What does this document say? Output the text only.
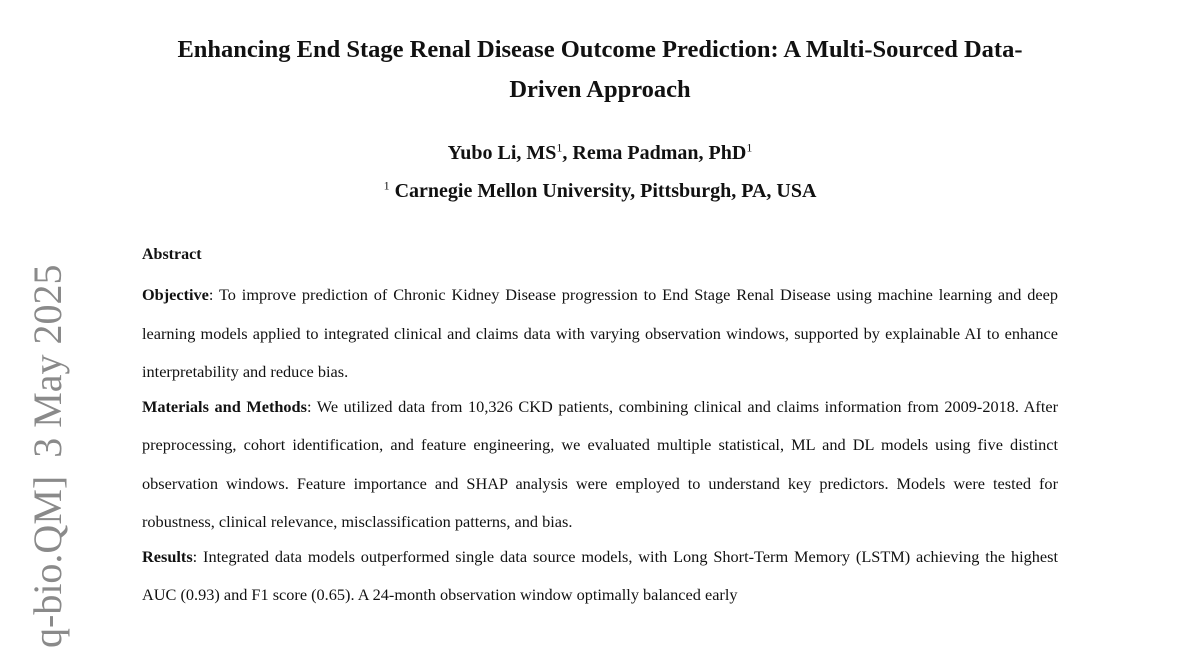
Enhancing End Stage Renal Disease Outcome Prediction: A Multi-Sourced Data-Driven Approach
Yubo Li, $MS^1$, Rema Padman, PhD$^1$
$^1$ Carnegie Mellon University, Pittsburgh, PA, USA
Abstract

Objective: To improve prediction of Chronic Kidney Disease progression to End Stage Renal Disease using machine learning and deep learning models applied to integrated clinical and claims data with varying observation windows, supported by explainable AI to enhance interpretability and reduce bias.

Materials and Methods: We utilized data from 10,326 CKD patients, combining clinical and claims information from 2009-2018. After preprocessing, cohort identification, and feature engineering, we evaluated multiple statistical, ML and DL models using five distinct observation windows. Feature importance and SHAP analysis were employed to understand key predictors. Models were tested for robustness, clinical relevance, misclassification patterns, and bias.

Results: Integrated data models outperformed single data source models, with Long Short-Term Memory (LSTM) achieving the highest AUC (0.93) and F1 score (0.65). A 24-month observation window optimally balanced early

q-bio.QM]3 May 2025
